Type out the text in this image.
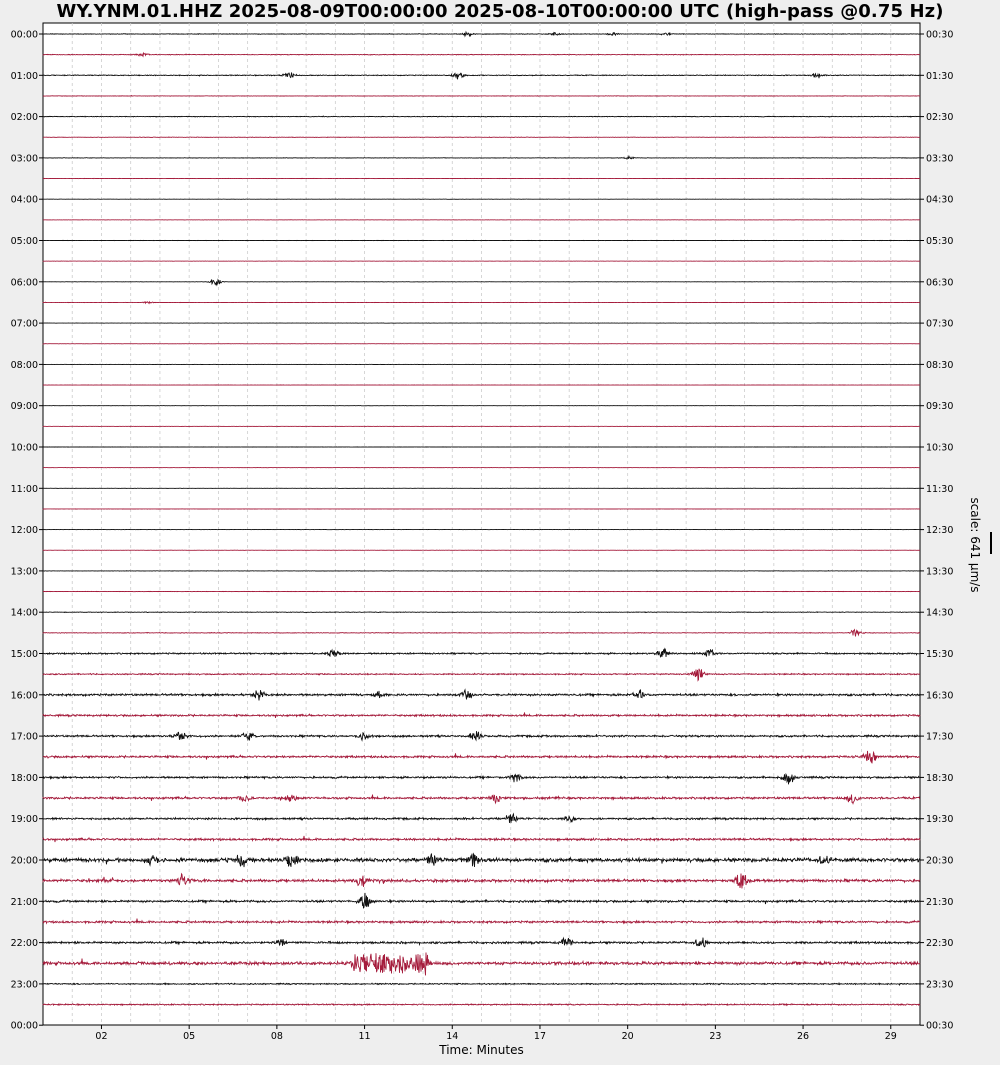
WY.YNM.01.HHZ 2025-08-09T00:00:00 2025-08-10T00:00:00 UTC (high-pass @0.75 Hz)
00:00	00:30
01:00	01:30
02:00	02:30
03:00	03:30
04:00	04:30
05:00	05:30
06:00	06:30
07:00	07:30
08:00	08:30
09:00	09:30
10:00	10:30
11:00	11:30
12:00	12:30
13:00	13:30
14:00	14:30
15:00	15:30
16:00	16:30
17:00	17:30
18:00	18:30
19:00	19:30
20:00	20:30
21:00	21:30
22:00	22:30
23:00	23:30
00:00	00:30
02	05	08	11	14	17	20	23	26	29
Time: Minutes
scale: 641 μm/s
